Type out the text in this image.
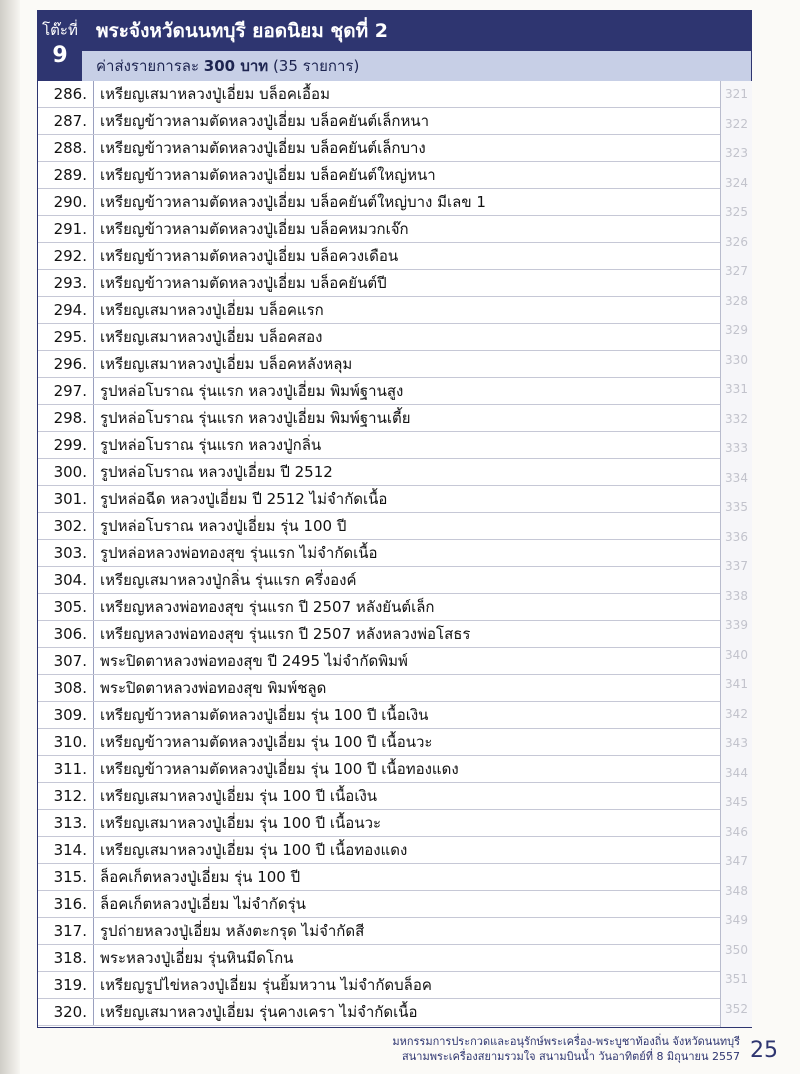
โต๊ะที่
9
พระจังหวัดนนทบุรี ยอดนิยม ชุดที่ 2
ค่าส่งรายการละ 300 บาท (35 รายการ)
286. เหรียญเสมาหลวงปู่เอี่ยม บล็อคเอื้อม
287. เหรียญข้าวหลามตัดหลวงปู่เอี่ยม บล็อคยันต์เล็กหนา
288. เหรียญข้าวหลามตัดหลวงปู่เอี่ยม บล็อคยันต์เล็กบาง
289. เหรียญข้าวหลามตัดหลวงปู่เอี่ยม บล็อคยันต์ใหญ่หนา
290. เหรียญข้าวหลามตัดหลวงปู่เอี่ยม บล็อคยันต์ใหญ่บาง มีเลข 1
291. เหรียญข้าวหลามตัดหลวงปู่เอี่ยม บล็อคหมวกเจ๊ก
292. เหรียญข้าวหลามตัดหลวงปู่เอี่ยม บล็อควงเดือน
293. เหรียญข้าวหลามตัดหลวงปู่เอี่ยม บล็อคยันต์ปี
294. เหรียญเสมาหลวงปู่เอี่ยม บล็อคแรก
295. เหรียญเสมาหลวงปู่เอี่ยม บล็อคสอง
296. เหรียญเสมาหลวงปู่เอี่ยม บล็อคหลังหลุม
297. รูปหล่อโบราณ รุ่นแรก หลวงปู่เอี่ยม พิมพ์ฐานสูง
298. รูปหล่อโบราณ รุ่นแรก หลวงปู่เอี่ยม พิมพ์ฐานเตี้ย
299. รูปหล่อโบราณ รุ่นแรก หลวงปู่กลิ่น
300. รูปหล่อโบราณ หลวงปู่เอี่ยม ปี 2512
301. รูปหล่อฉีด หลวงปู่เอี่ยม ปี 2512 ไม่จำกัดเนื้อ
302. รูปหล่อโบราณ หลวงปู่เอี่ยม รุ่น 100 ปี
303. รูปหล่อหลวงพ่อทองสุข รุ่นแรก ไม่จำกัดเนื้อ
304. เหรียญเสมาหลวงปู่กลิ่น รุ่นแรก ครึ่งองค์
305. เหรียญหลวงพ่อทองสุข รุ่นแรก ปี 2507 หลังยันต์เล็ก
306. เหรียญหลวงพ่อทองสุข รุ่นแรก ปี 2507 หลังหลวงพ่อโสธร
307. พระปิดตาหลวงพ่อทองสุข ปี 2495 ไม่จำกัดพิมพ์
308. พระปิดตาหลวงพ่อทองสุข พิมพ์ชลูด
309. เหรียญข้าวหลามตัดหลวงปู่เอี่ยม รุ่น 100 ปี เนื้อเงิน
310. เหรียญข้าวหลามตัดหลวงปู่เอี่ยม รุ่น 100 ปี เนื้อนวะ
311. เหรียญข้าวหลามตัดหลวงปู่เอี่ยม รุ่น 100 ปี เนื้อทองแดง
312. เหรียญเสมาหลวงปู่เอี่ยม รุ่น 100 ปี เนื้อเงิน
313. เหรียญเสมาหลวงปู่เอี่ยม รุ่น 100 ปี เนื้อนวะ
314. เหรียญเสมาหลวงปู่เอี่ยม รุ่น 100 ปี เนื้อทองแดง
315. ล็อคเก็ตหลวงปู่เอี่ยม รุ่น 100 ปี
316. ล็อคเก็ตหลวงปู่เอี่ยม ไม่จำกัดรุ่น
317. รูปถ่ายหลวงปู่เอี่ยม หลังตะกรุด ไม่จำกัดสี
318. พระหลวงปู่เอี่ยม รุ่นหินมีดโกน
319. เหรียญรูปไข่หลวงปู่เอี่ยม รุ่นยิ้มหวาน ไม่จำกัดบล็อค
320. เหรียญเสมาหลวงปู่เอี่ยม รุ่นคางเครา ไม่จำกัดเนื้อ
321
322
323
324
325
326
327
328
329
330
331
332
333
334
335
336
337
338
339
340
341
342
343
344
345
346
347
348
349
350
351
352
มหกรรมการประกวดและอนุรักษ์พระเครื่อง-พระบูชาท้องถิ่น จังหวัดนนทบุรี
สนามพระเครื่องสยามรวมใจ สนามบินน้ำ วันอาทิตย์ที่ 8 มิถุนายน 2557 25
